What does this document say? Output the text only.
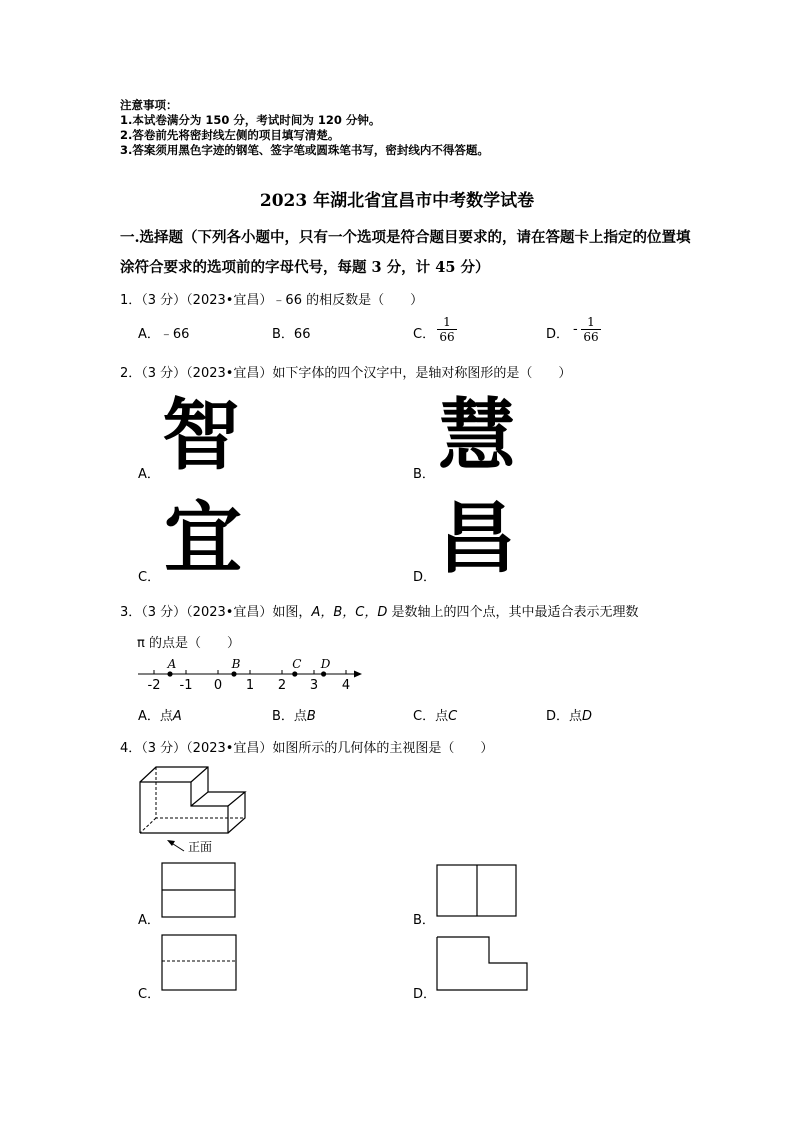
注意事项：
1.本试卷满分为 150 分，考试时间为 120 分钟。
2.答卷前先将密封线左侧的项目填写清楚。
3.答案须用黑色字迹的钢笔、签字笔或圆珠笔书写，密封线内不得答题。
2023 年湖北省宜昌市中考数学试卷
一.选择题（下列各小题中，只有一个选项是符合题目要求的，请在答题卡上指定的位置填
涂符合要求的选项前的字母代号，每题 3 分，计 45 分）
1．（3 分）（2023•宜昌）﹣66 的相反数是（　　）
A．﹣66	B．66	C． $\frac{1}{66}$	D． - $\frac{1}{66}$
2．（3 分）（2023•宜昌）如下字体的四个汉字中，是轴对称图形的是（　　）
智
A．	慧
B．
宜
C．	昌
D．
3．（3 分）（2023•宜昌）如图，A，B，C，D 是数轴上的四个点，其中最适合表示无理数
π 的点是（　　）
-2 -1 0 1 2 3 4
A	B	C D
A．点A	B．点B	C．点C	D．点D
4．（3 分）（2023•宜昌）如图所示的几何体的主视图是（　　）
正面
A．	B．
C．	D．
